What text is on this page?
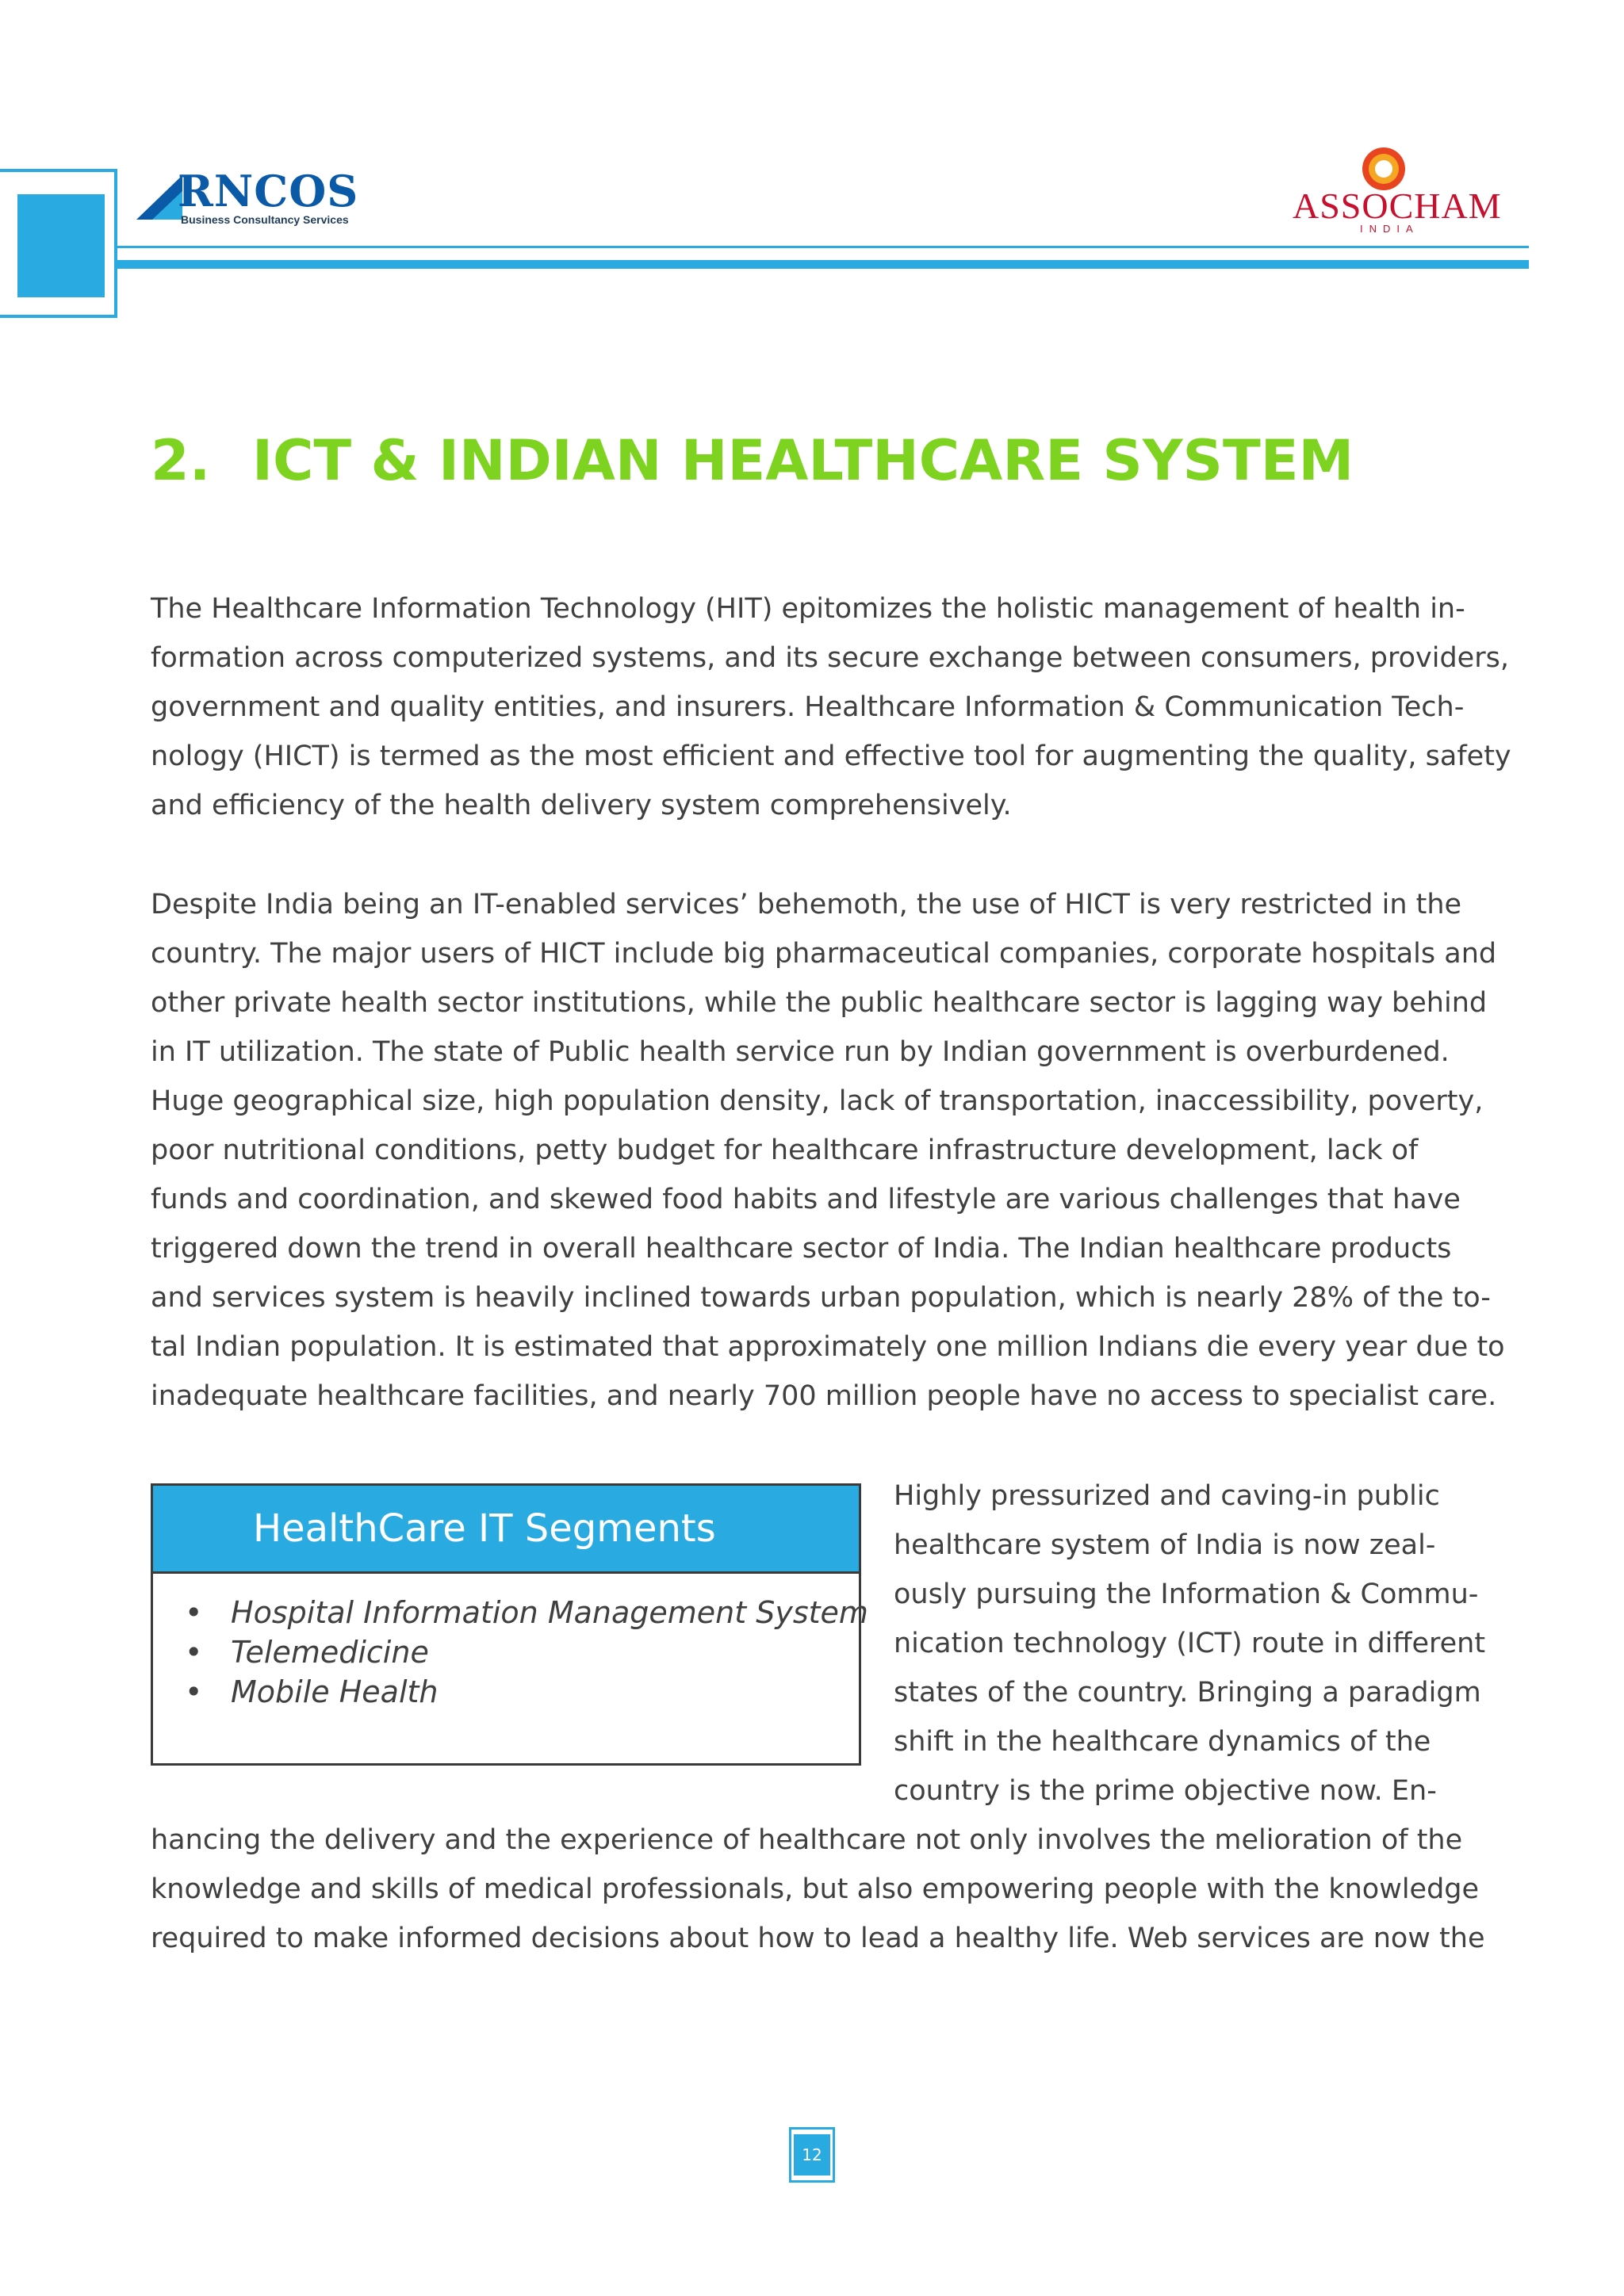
RNCOS
Business Consultancy Services	ASSOCHAM
INDIA
2. ICT & INDIAN HEALTHCARE SYSTEM

The Healthcare Information Technology (HIT) epitomizes the holistic management of health in-
formation across computerized systems, and its secure exchange between consumers, providers,
government and quality entities, and insurers. Healthcare Information & Communication Tech-
nology (HICT) is termed as the most efficient and effective tool for augmenting the quality, safety
and efficiency of the health delivery system comprehensively.

Despite India being an IT-enabled services’ behemoth, the use of HICT is very restricted in the
country. The major users of HICT include big pharmaceutical companies, corporate hospitals and
other private health sector institutions, while the public healthcare sector is lagging way behind
in IT utilization. The state of Public health service run by Indian government is overburdened.
Huge geographical size, high population density, lack of transportation, inaccessibility, poverty,
poor nutritional conditions, petty budget for healthcare infrastructure development, lack of
funds and coordination, and skewed food habits and lifestyle are various challenges that have
triggered down the trend in overall healthcare sector of India. The Indian healthcare products
and services system is heavily inclined towards urban population, which is nearly 28% of the to-
tal Indian population. It is estimated that approximately one million Indians die every year due to
inadequate healthcare facilities, and nearly 700 million people have no access to specialist care.

HealthCare IT Segments
• Hospital Information Management System
• Telemedicine
• Mobile Health

Highly pressurized and caving-in public
healthcare system of India is now zeal-
ously pursuing the Information & Commu-
nication technology (ICT) route in different
states of the country. Bringing a paradigm
shift in the healthcare dynamics of the
country is the prime objective now. En-

hancing the delivery and the experience of healthcare not only involves the melioration of the
knowledge and skills of medical professionals, but also empowering people with the knowledge
required to make informed decisions about how to lead a healthy life. Web services are now the

12
